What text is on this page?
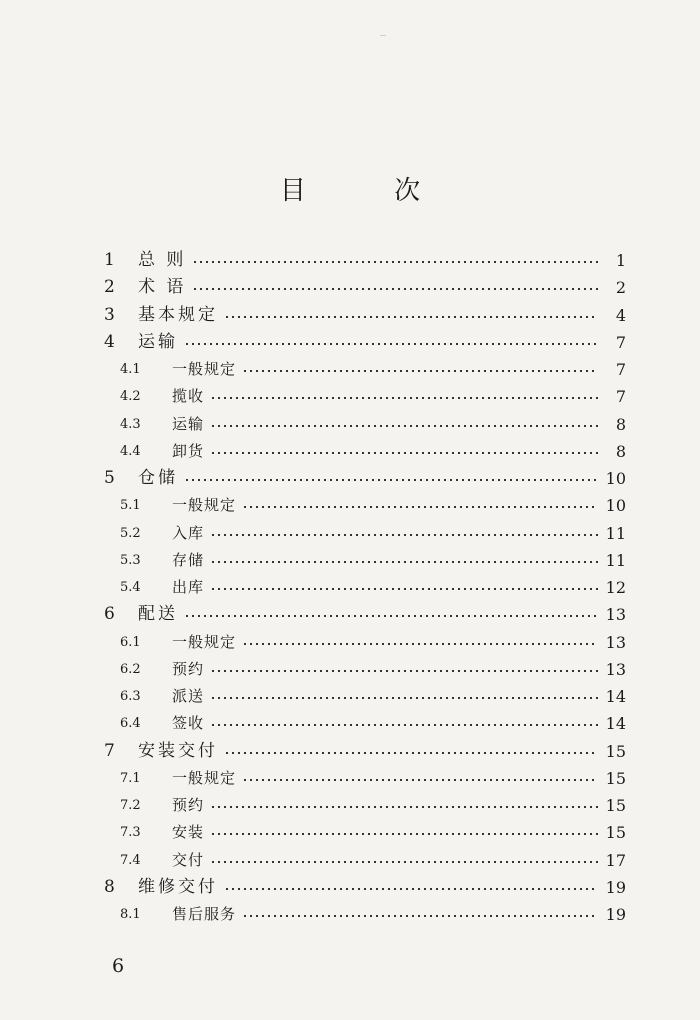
目 次
1	总 则	1
2	术 语	2
3	基本规定	4
4	运输	7
4.1	一般规定	7
4.2	揽收	7
4.3	运输	8
4.4	卸货	8
5	仓储	10
5.1	一般规定	10
5.2	入库	11
5.3	存储	11
5.4	出库	12
6	配送	13
6.1	一般规定	13
6.2	预约	13
6.3	派送	14
6.4	签收	14
7	安装交付	15
7.1	一般规定	15
7.2	预约	15
7.3	安装	15
7.4	交付	17
8	维修交付	19
8.1	售后服务	19
6
